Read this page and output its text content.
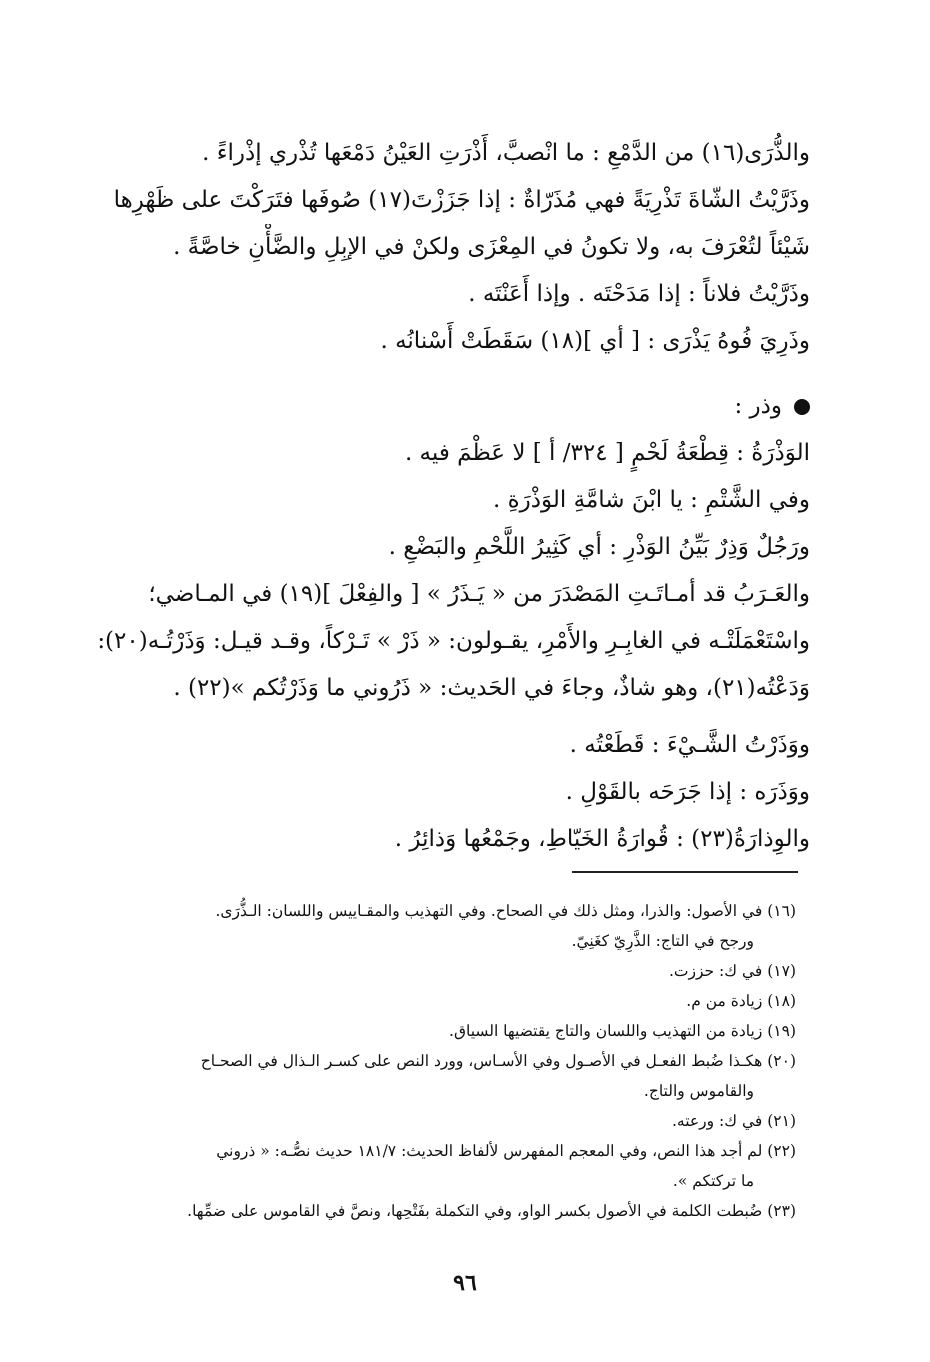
والذُّرَى(١٦) من الدَّمْعِ : ما انْصبَّ، أَذْرَتِ العَيْنُ دَمْعَها تُذْري إذْراءً .
وذَرَّيْتُ الشّاةَ تَذْرِيَةً فهي مُذَرّاةٌ : إذا جَزَزْتَ(١٧) صُوفَها فتَرَكْتَ على ظَهْرِها
شَيْئاً لتُعْرَفَ به، ولا تكونُ في المِعْزَى ولكنْ في الإبِلِ والضَّأْنِ خاصَّةً .
وذَرَّيْتُ فلاناً : إذا مَدَحْتَه . وإذا أَعَنْتَه .
وذَرِيَ فُوهُ يَذْرَى : [ أي ](١٨) سَقَطَتْ أَسْنانُه .
وذر :
الوَذْرَةُ : قِطْعَةُ لَحْمٍ [ ٣٢٤/ أ ] لا عَظْمَ فيه .
وفي الشَّتْمِ : يا ابْنَ شامَّةِ الوَذْرَةِ .
ورَجُلٌ وَذِرٌ بَيِّنُ الوَذْرِ : أي كَثِيرُ اللَّحْمِ والبَضْعِ .
والعَـرَبُ قد أمـاتَـتِ المَصْدَرَ من « يَـذَرُ » [ والفِعْلَ ](١٩) في المـاضي؛
واسْتَعْمَلَتْـه في الغابِـرِ والأَمْرِ، يقـولون: « ذَرْ » تَـرْكاً، وقـد قيـل: وَذَرْتُـه(٢٠):
وَدَعْتُه(٢١)، وهو شاذٌ، وجاءَ في الحَديث: « ذَرُوني ما وَذَرْتُكم »(٢٢) .
ووَذَرْتُ الشَّـيْءَ : قَطَعْتُه .
ووَذَرَه : إذا جَرَحَه بالقَوْلِ .
والوِذارَةُ(٢٣) : قُوارَةُ الخَيّاطِ، وجَمْعُها وَذائِرُ .
(١٦) في الأصول: والذرا، ومثل ذلك في الصحاح. وفي التهذيب والمقـاييس واللسان: الـذُّرَى.
ورجح في التاج: الذَّرِيّ كغَنِيّ.
(١٧) في ك: حززت.
(١٨) زيادة من م.
(١٩) زيادة من التهذيب واللسان والتاج يقتضيها السياق.
(٢٠) هكـذا ضُبط الفعـل في الأصـول وفي الأسـاس، وورد النص على كسـر الـذال في الصحـاح
والقاموس والتاج.
(٢١) في ك: ورعته.
(٢٢) لم أجد هذا النص، وفي المعجم المفهرس لألفاظ الحديث: ١٨١/٧ حديث نصُّـه: « ذروني
ما تركتكم ».
(٢٣) ضُبطت الكلمة في الأصول بكسر الواو، وفي التكملة بفَتْحِها، ونصَّ في القاموس على ضمِّها.
٩٦
